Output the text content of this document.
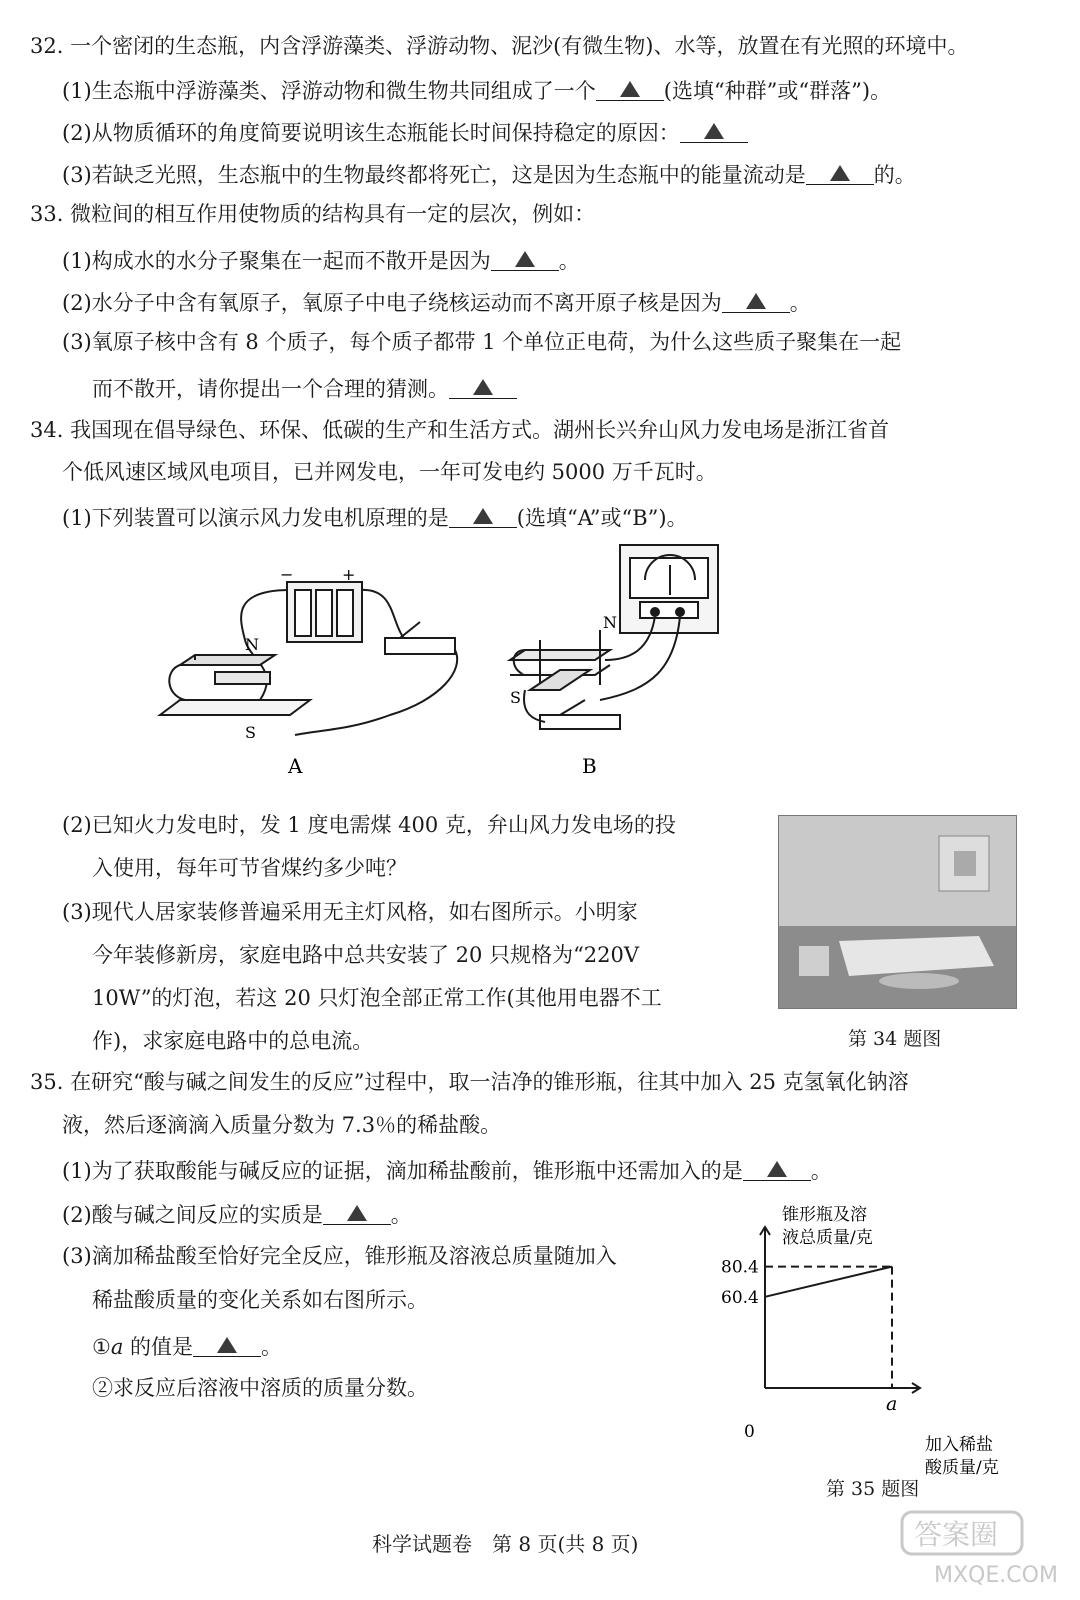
32. 一个密闭的生态瓶，内含浮游藻类、浮游动物、泥沙(有微生物)、水等，放置在有光照的环境中。
(1)生态瓶中浮游藻类、浮游动物和微生物共同组成了一个	(选填“种群”或“群落”)。
(2)从物质循环的角度简要说明该生态瓶能长时间保持稳定的原因：
(3)若缺乏光照，生态瓶中的生物最终都将死亡，这是因为生态瓶中的能量流动是	的。
33. 微粒间的相互作用使物质的结构具有一定的层次，例如：
(1)构成水的水分子聚集在一起而不散开是因为	。
(2)水分子中含有氧原子，氧原子中电子绕核运动而不离开原子核是因为	。
(3)氧原子核中含有 8 个质子，每个质子都带 1 个单位正电荷，为什么这些质子聚集在一起
而不散开，请你提出一个合理的猜测。
34. 我国现在倡导绿色、环保、低碳的生产和生活方式。湖州长兴弁山风力发电场是浙江省首
个低风速区域风电项目，已并网发电，一年可发电约 5000 万千瓦时。
(1)下列装置可以演示风力发电机原理的是	(选填“A”或“B”)。
−	+
N
S
A
N
S
B
(2)已知火力发电时，发 1 度电需煤 400 克，弁山风力发电场的投
入使用，每年可节省煤约多少吨？
(3)现代人居家装修普遍采用无主灯风格，如右图所示。小明家
今年装修新房，家庭电路中总共安装了 20 只规格为“220V
10W”的灯泡，若这 20 只灯泡全部正常工作(其他用电器不工
作)，求家庭电路中的总电流。	第 34 题图
35. 在研究“酸与碱之间发生的反应”过程中，取一洁净的锥形瓶，往其中加入 25 克氢氧化钠溶
液，然后逐滴滴入质量分数为 7.3％的稀盐酸。
(1)为了获取酸能与碱反应的证据，滴加稀盐酸前，锥形瓶中还需加入的是	。
(2)酸与碱之间反应的实质是	。
(3)滴加稀盐酸至恰好完全反应，锥形瓶及溶液总质量随加入
稀盐酸质量的变化关系如右图所示。
①a 的值是	。
②求反应后溶液中溶质的质量分数。
锥形瓶及溶
液总质量/克
加入稀盐
酸质量/克
0
a
80.4
60.4
第 35 题图
科学试题卷　第 8 页(共 8 页)	答案圈
MXQE.COM
